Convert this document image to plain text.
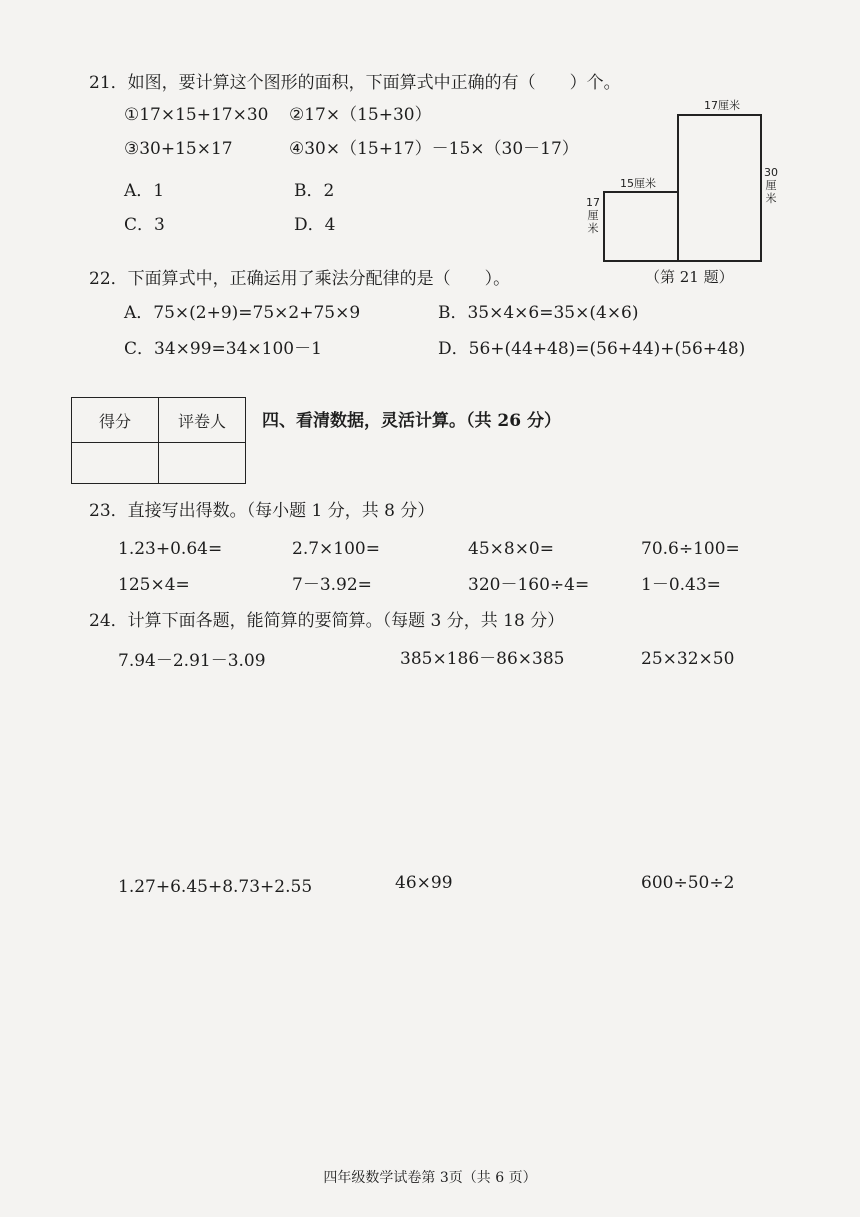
21．如图，要计算这个图形的面积，下面算式中正确的有（　　）个。
①17×15+17×30 ②17×（15+30）
③30+15×17	④30×（15+17）－15×（30－17）
A．1	B．2
C．3	D．4
17厘米
15厘米
30厘米
17厘米
（第 21 题）
22．下面算式中，正确运用了乘法分配律的是（　　）。
A．75×(2+9)=75×2+75×9	B．35×4×6=35×(4×6)
C．34×99=34×100－1	D．56+(44+48)=(56+44)+(56+48)
得分	评卷人
	四、看清数据，灵活计算。（共 26 分）
23．直接写出得数。（每小题 1 分，共 8 分）
1.23+0.64=	2.7×100=	45×8×0=	70.6÷100=
125×4=	7－3.92=	320－160÷4=	1－0.43=
24．计算下面各题，能简算的要简算。（每题 3 分，共 18 分）
7.94－2.91－3.09	385×186－86×385	25×32×50
1.27+6.45+8.73+2.55	46×99	600÷50÷2
四年级数学试卷第 3页（共 6 页）
